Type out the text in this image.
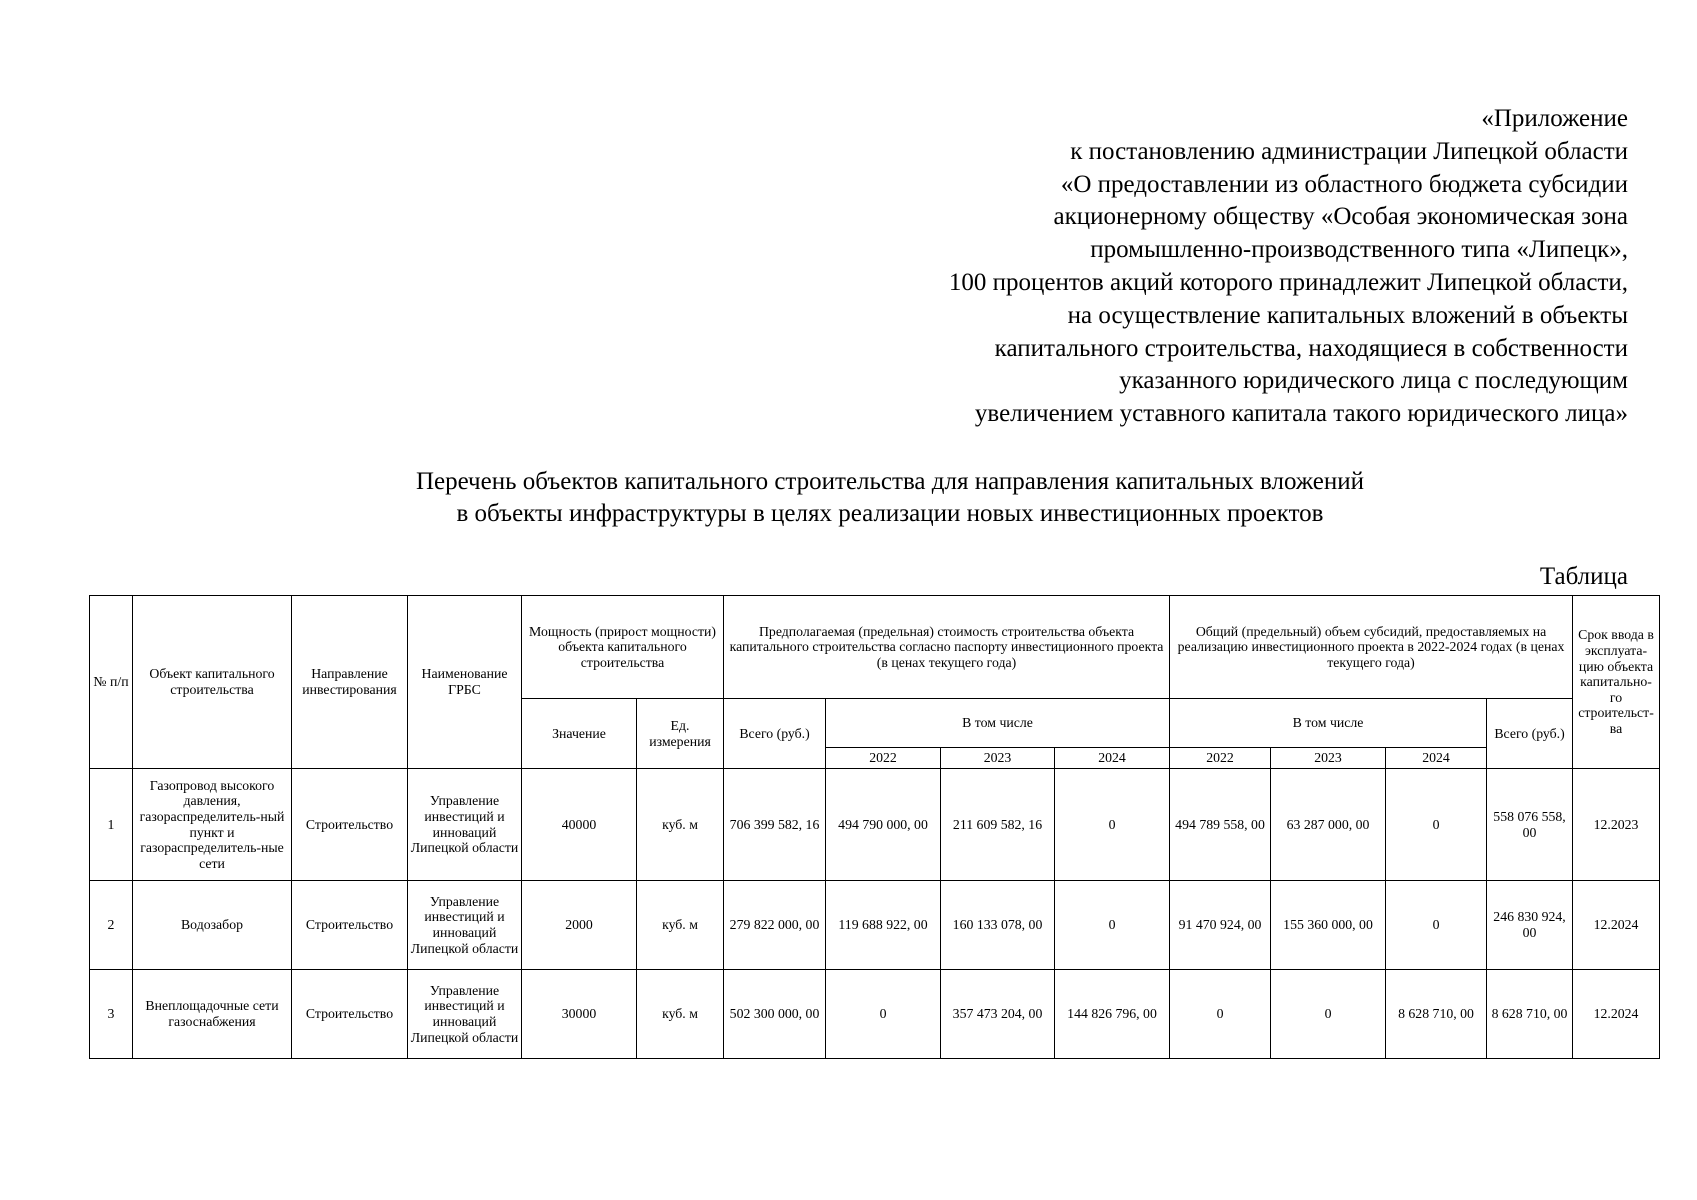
«Приложение
к постановлению администрации Липецкой области
«О предоставлении из областного бюджета субсидии
акционерному обществу «Особая экономическая зона
промышленно-производственного типа «Липецк»,
100 процентов акций которого принадлежит Липецкой области,
на осуществление капитальных вложений в объекты
капитального строительства, находящиеся в собственности
указанного юридического лица с последующим
увеличением уставного капитала такого юридического лица»
Перечень объектов капитального строительства для направления капитальных вложений
в объекты инфраструктуры в целях реализации новых инвестиционных проектов
Таблица
№ п/п	Объект капитального строительства	Направление инвестирования	Наименование ГРБС	Мощность (прирост мощности) объекта капитального строительства		Предполагаемая (предельная) стоимость строительства объекта капитального строительства согласно паспорту инвестиционного проекта (в ценах текущего года)				Общий (предельный) объем субсидий, предоставляемых на реализацию инвестиционного проекта в 2022-2024 годах (в ценах текущего года)				Срок ввода в эксплуата-цию объекта капитально-го строительст-ва
				Значение	Ед. измерения	Всего (руб.)	В том числе			В том числе			Всего (руб.)	
							2022	2023	2024	2022	2023	2024		
1	Газопровод высокого давления, газораспределитель-ный пункт и газораспределитель-ные сети	Строительство	Управление инвестиций и инноваций Липецкой области	40000	куб. м	706 399 582, 16	494 790 000, 00	211 609 582, 16	0	494 789 558, 00	63 287 000, 00	0	558 076 558, 00	12.2023
2	Водозабор	Строительство	Управление инвестиций и инноваций Липецкой области	2000	куб. м	279 822 000, 00	119 688 922, 00	160 133 078, 00	0	91 470 924, 00	155 360 000, 00	0	246 830 924, 00	12.2024
3	Внеплощадочные сети газоснабжения	Строительство	Управление инвестиций и инноваций Липецкой области	30000	куб. м	502 300 000, 00	0	357 473 204, 00	144 826 796, 00	0	0	8 628 710, 00	8 628 710, 00	12.2024
